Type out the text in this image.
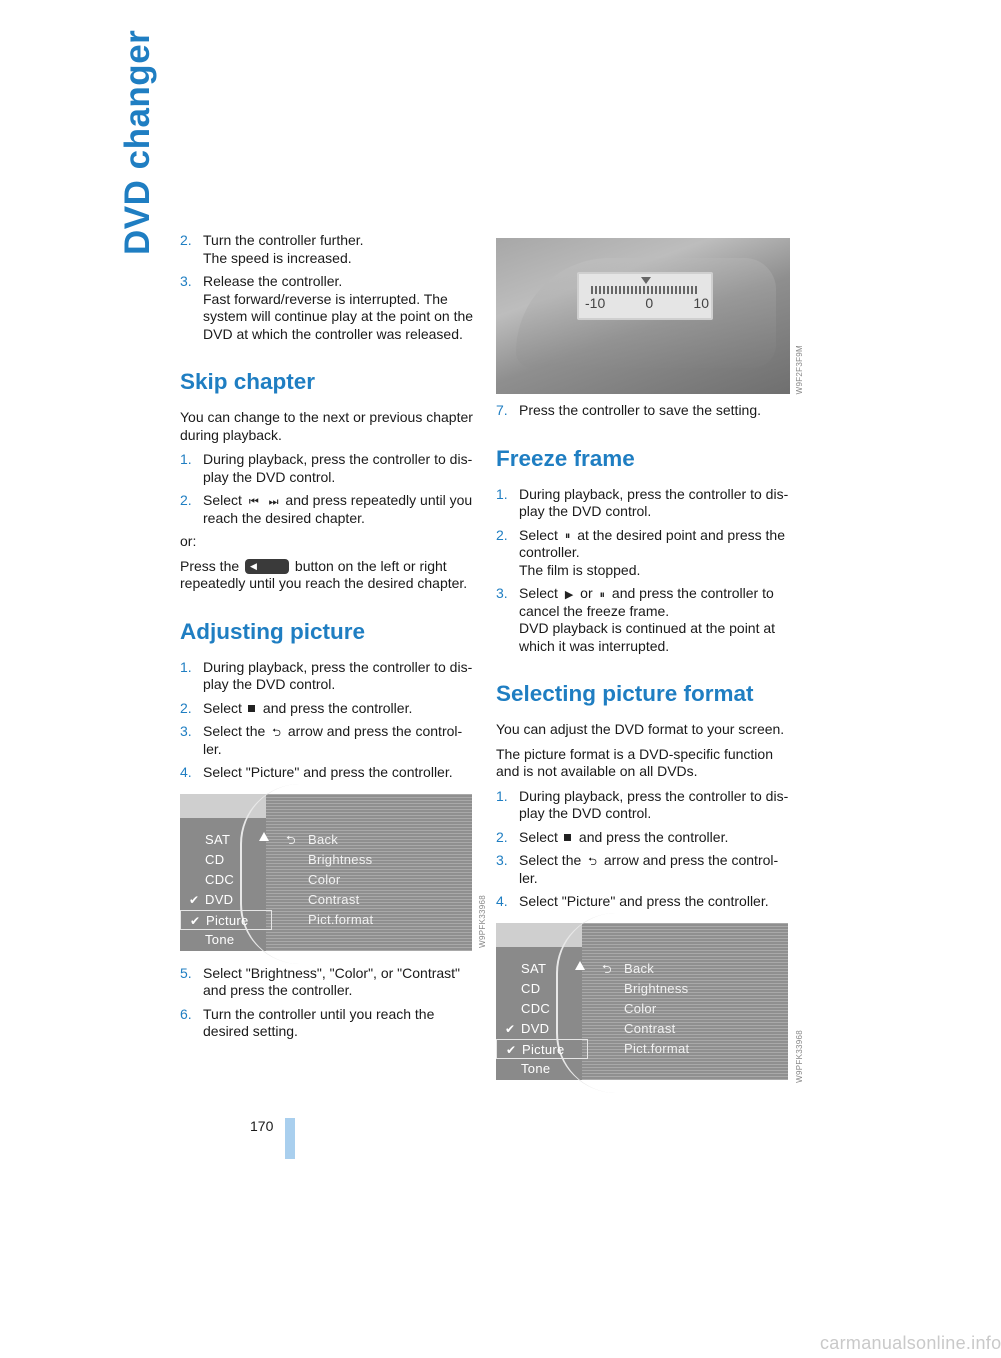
DVD changer	2. Turn the controller further.
The speed is increased.
3. Release the controller.
Fast forward/reverse is interrupted. The system will continue play at the point on the DVD at which the controller was released.
Skip chapter

You can change to the next or previous chapter during playback.

1. During playback, press the controller to dis-play the DVD control.
2. Select ⏮ ⏭ and press repeatedly until you reach the desired chapter.

or:

Press the ◀	button on the left or right repeatedly until you reach the desired chapter.

Adjusting picture
1. During playback, press the controller to dis-play the DVD control.
2. Select and press the controller.
3. Select the ⮌ arrow and press the control-ler.
4. Select "Picture" and press the controller.
SAT
CD
CDC
✔ DVD
✔ Picture
Tone
⮌ Back
Brightness
Color
Contrast
Pict.format
5. Select "Brightness", "Color", or "Contrast" and press the controller.
6. Turn the controller until you reach the desired setting.
W9PFK33968
-10	0	10
W9F2F3F9M
7. Press the controller to save the setting.
Freeze frame
1. During playback, press the controller to dis-play the DVD control.
2. Select ⏸ at the desired point and press the controller.
The film is stopped.
3. Select ▶ or ⏸ and press the controller to cancel the freeze frame.
DVD playback is continued at the point at which it was interrupted.
Selecting picture format

You can adjust the DVD format to your screen.

The picture format is a DVD-specific function and is not available on all DVDs.

1. During playback, press the controller to dis-play the DVD control.
2. Select and press the controller.
3. Select the ⮌ arrow and press the control-ler.
4. Select "Picture" and press the controller.
SAT
CD
CDC
✔ DVD
✔ Picture
Tone
⮌ Back
Brightness
Color
Contrast
Pict.format	W9PFK33968
170
carmanualsonline.info
